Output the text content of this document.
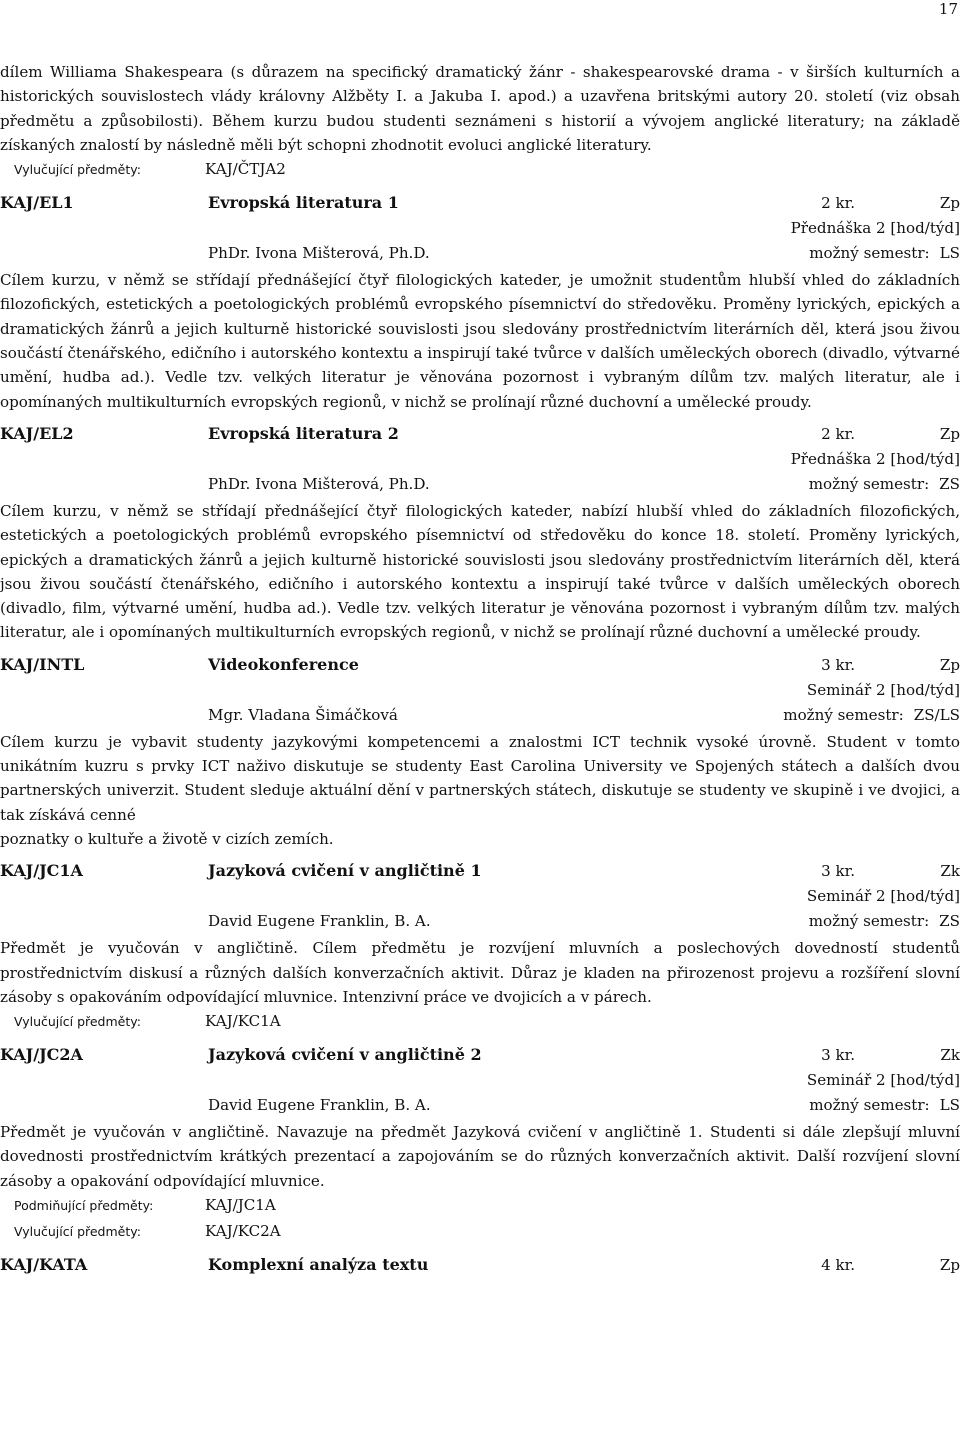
17

dílem Williama Shakespeara (s důrazem na specifický dramatický žánr - shakespearovské drama - v širších kulturních a historických souvislostech vlády královny Alžběty I. a Jakuba I. apod.) a uzavřena britskými autory 20. století (viz obsah předmětu a způsobilosti). Během kurzu budou studenti seznámeni s historií a vývojem anglické literatury; na základě získaných znalostí by následně měli být schopni zhodnotit evoluci anglické literatury.

Vylučující předměty:	KAJ/ČTJA2
KAJ/EL1	Evropská literatura 1	2 kr.	Zp
Přednáška 2 [hod/týd]
PhDr. Ivona Mišterová, Ph.D.	možný semestr: LS

Cílem kurzu, v němž se střídají přednášející čtyř filologických kateder, je umožnit studentům hlubší vhled do základních filozofických, estetických a poetologických problémů evropského písemnictví do středověku. Proměny lyrických, epických a dramatických žánrů a jejich kulturně historické souvislosti jsou sledovány prostřednictvím literárních děl, která jsou živou součástí čtenářského, edičního i autorského kontextu a inspirují také tvůrce v dalších uměleckých oborech (divadlo, výtvarné umění, hudba ad.). Vedle tzv. velkých literatur je věnována pozornost i vybraným dílům tzv. malých literatur, ale i opomínaných multikulturních evropských regionů, v nichž se prolínají různé duchovní a umělecké proudy.

KAJ/EL2	Evropská literatura 2	2 kr.	Zp
Přednáška 2 [hod/týd]
PhDr. Ivona Mišterová, Ph.D.	možný semestr: ZS

Cílem kurzu, v němž se střídají přednášející čtyř filologických kateder, nabízí hlubší vhled do základních filozofických, estetických a poetologických problémů evropského písemnictví od středověku do konce 18. století. Proměny lyrických, epických a dramatických žánrů a jejich kulturně historické souvislosti jsou sledovány prostřednictvím literárních děl, která jsou živou součástí čtenářského, edičního i autorského kontextu a inspirují také tvůrce v dalších uměleckých oborech (divadlo, film, výtvarné umění, hudba ad.). Vedle tzv. velkých literatur je věnována pozornost i vybraným dílům tzv. malých literatur, ale i opomínaných multikulturních evropských regionů, v nichž se prolínají různé duchovní a umělecké proudy.

KAJ/INTL	Videokonference	3 kr.	Zp
Seminář 2 [hod/týd]
Mgr. Vladana Šimáčková	možný semestr: ZS/LS

Cílem kurzu je vybavit studenty jazykovými kompetencemi a znalostmi ICT technik vysoké úrovně. Student v tomto unikátním kuzru s prvky ICT naživo diskutuje se studenty East Carolina University ve Spojených státech a dalších dvou partnerských univerzit. Student sleduje aktuální dění v partnerských státech, diskutuje se studenty ve skupině i ve dvojici, a tak získává cenné

poznatky o kultuře a životě v cizích zemích.

KAJ/JC1A	Jazyková cvičení v angličtině 1	3 kr.	Zk
Seminář 2 [hod/týd]
David Eugene Franklin, B. A.	možný semestr: ZS

Předmět je vyučován v angličtině. Cílem předmětu je rozvíjení mluvních a poslechových dovedností studentů prostřednictvím diskusí a různých dalších konverzačních aktivit. Důraz je kladen na přirozenost projevu a rozšíření slovní zásoby s opakováním odpovídající mluvnice. Intenzivní práce ve dvojicích a v párech.

Vylučující předměty:	KAJ/KC1A
KAJ/JC2A	Jazyková cvičení v angličtině 2	3 kr.	Zk
Seminář 2 [hod/týd]
David Eugene Franklin, B. A.	možný semestr: LS

Předmět je vyučován v angličtině. Navazuje na předmět Jazyková cvičení v angličtině 1. Studenti si dále zlepšují mluvní dovednosti prostřednictvím krátkých prezentací a zapojováním se do různých konverzačních aktivit. Další rozvíjení slovní zásoby a opakování odpovídající mluvnice.

Podmiňující předměty:	KAJ/JC1A
Vylučující předměty:	KAJ/KC2A
KAJ/KATA	Komplexní analýza textu	4 kr.	Zp
